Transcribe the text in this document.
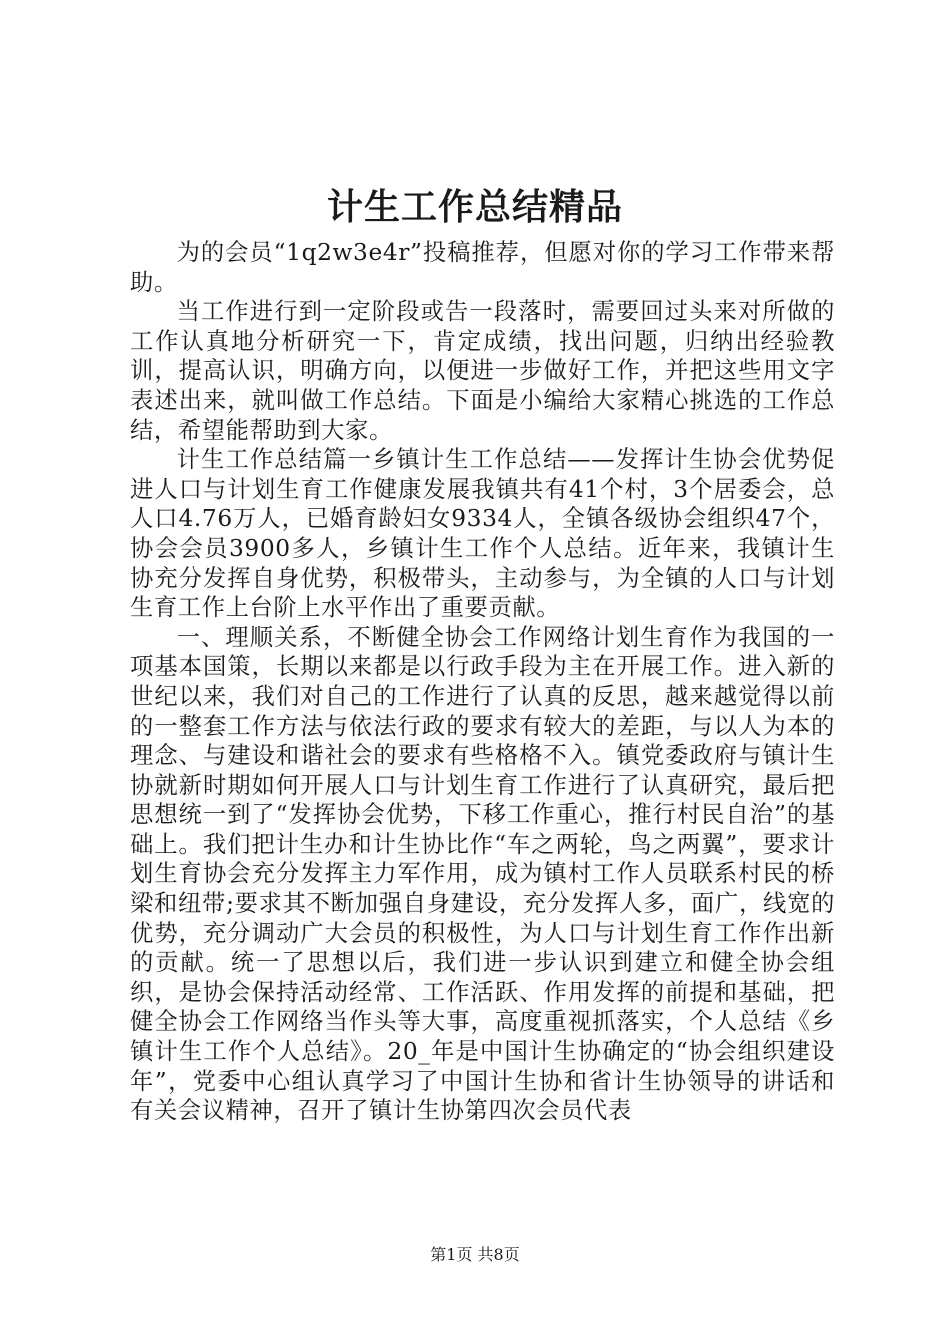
计生工作总结精品

为的会员“1q2w3e4r”投稿推荐，但愿对你的学习工作带来帮助。

当工作进行到一定阶段或告一段落时，需要回过头来对所做的工作认真地分析研究一下，肯定成绩，找出问题，归纳出经验教训，提高认识，明确方向，以便进一步做好工作，并把这些用文字表述出来，就叫做工作总结。下面是小编给大家精心挑选的工作总结，希望能帮助到大家。

计生工作总结篇一乡镇计生工作总结——发挥计生协会优势促进人口与计划生育工作健康发展我镇共有41个村，3个居委会，总人口4.76万人，已婚育龄妇女9334人，全镇各级协会组织47个，协会会员3900多人，乡镇计生工作个人总结。近年来，我镇计生协充分发挥自身优势，积极带头，主动参与，为全镇的人口与计划生育工作上台阶上水平作出了重要贡献。

一、理顺关系，不断健全协会工作网络计划生育作为我国的一项基本国策，长期以来都是以行政手段为主在开展工作。进入新的世纪以来，我们对自己的工作进行了认真的反思，越来越觉得以前的一整套工作方法与依法行政的要求有较大的差距，与以人为本的理念、与建设和谐社会的要求有些格格不入。镇党委政府与镇计生协就新时期如何开展人口与计划生育工作进行了认真研究，最后把思想统一到了“发挥协会优势，下移工作重心，推行村民自治”的基础上。我们把计生办和计生协比作“车之两轮，鸟之两翼”，要求计划生育协会充分发挥主力军作用，成为镇村工作人员联系村民的桥梁和纽带;要求其不断加强自身建设，充分发挥人多，面广，线宽的优势，充分调动广大会员的积极性，为人口与计划生育工作作出新的贡献。统一了思想以后，我们进一步认识到建立和健全协会组织，是协会保持活动经常、工作活跃、作用发挥的前提和基础，把健全协会工作网络当作头等大事，高度重视抓落实，个人总结《乡镇计生工作个人总结》。20_年是中国计生协确定的“协会组织建设年”，党委中心组认真学习了中国计生协和省计生协领导的讲话和有关会议精神，召开了镇计生协第四次会员代表

第1页 共8页
